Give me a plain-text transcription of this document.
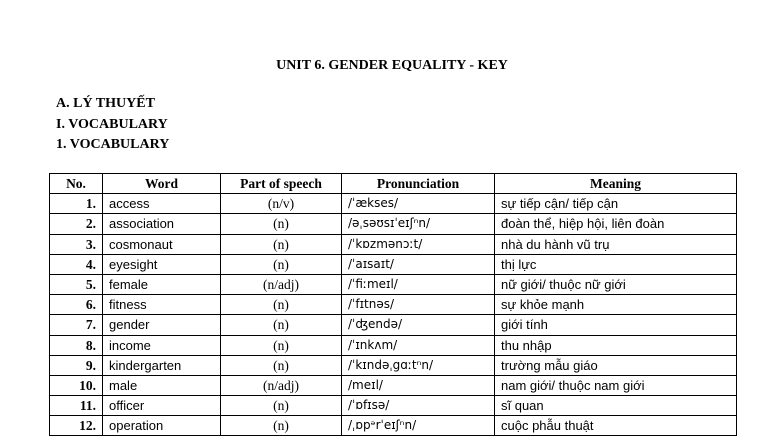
UNIT 6. GENDER EQUALITY - KEY
A. LÝ THUYẾT
I. VOCABULARY
1. VOCABULARY
No.	Word	Part of speech	Pronunciation	Meaning
1.	access	(n/v)	/ˈækses/	sự tiếp cận/ tiếp cận
2.	association	(n)	/əˌsəʊsɪˈeɪʃⁿn/	đoàn thể, hiệp hội, liên đoàn
3.	cosmonaut	(n)	/ˈkɒzmənɔːt/	nhà du hành vũ trụ
4.	eyesight	(n)	/ˈaɪsaɪt/	thị lực
5.	female	(n/adj)	/ˈfiːmeɪl/	nữ giới/ thuộc nữ giới
6.	fitness	(n)	/ˈfɪtnəs/	sự khỏe mạnh
7.	gender	(n)	/ˈʤendə/	giới tính
8.	income	(n)	/ˈɪnkʌm/	thu nhập
9.	kindergarten	(n)	/ˈkɪndəˌgɑːtⁿn/	trường mẫu giáo
10.	male	(n/adj)	/meɪl/	nam giới/ thuộc nam giới
11.	officer	(n)	/ˈɒfɪsə/	sĩ quan
12.	operation	(n)	/ˌɒpᵊrˈeɪʃⁿn/	cuộc phẫu thuật
